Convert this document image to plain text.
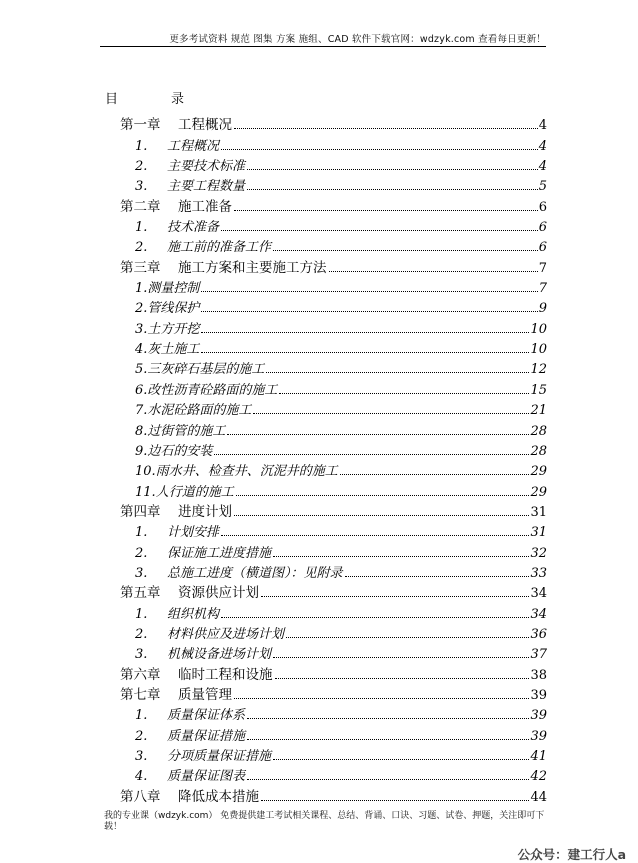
更多考试资料 规范 图集 方案 施组、CAD 软件下载官网：wdzyk.com 查看每日更新！
目	录
第一章 工程概况	4
1. 工程概况	4
2. 主要技术标准	4
3. 主要工程数量	5
第二章 施工准备	6
1. 技术准备	6
2. 施工前的准备工作	6
第三章 施工方案和主要施工方法	7
1.测量控制	7
2.管线保护	9
3.土方开挖	10
4.灰土施工	10
5.三灰碎石基层的施工	12
6.改性沥青砼路面的施工	15
7.水泥砼路面的施工	21
8.过街管的施工	28
9.边石的安装	28
10.雨水井、检查井、沉泥井的施工	29
11.人行道的施工	29
第四章 进度计划	31
1. 计划安排	31
2. 保证施工进度措施	32
3. 总施工进度（横道图）：见附录	33
第五章 资源供应计划	34
1. 组织机构	34
2. 材料供应及进场计划	36
3. 机械设备进场计划	37
第六章 临时工程和设施	38
第七章 质量管理	39
1. 质量保证体系	39
2. 质量保证措施	39
3. 分项质量保证措施	41
4. 质量保证图表	42
第八章 降低成本措施	44
我的专业课（wdzyk.com） 免费提供建工考试相关课程、总结、背诵、口诀、习题、试卷、押题，关注即可下载！
公众号：建工行人a
